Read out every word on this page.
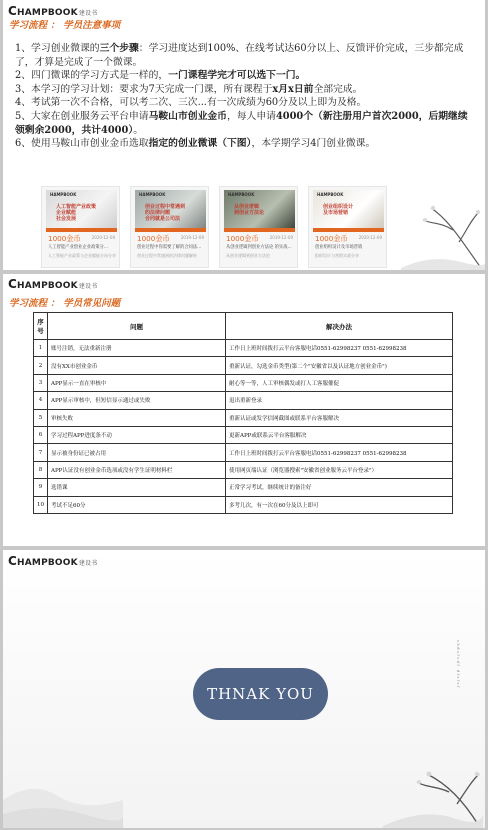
CHAMPBOOK建设书
学习流程 ： 学员注意事项

1、学习创业微课的三个步骤：学习进度达到100%、在线考试达60分以上、反馈评价完成，三步都完成了，才算是完成了一个微课。

2、四门微课的学习方式是一样的，一门课程学完才可以选下一门。

3、本学习的学习计划：要求为7天完成一门课，所有课程于x月x日前全部完成。

4、考试第一次不合格，可以考二次、三次...有一次成绩为60分及以上即为及格。

5、大家在创业服务云平台申请马鞍山市创业金币，每人申请4000个（新注册用户首次2000，后期继续领剩余2000，共计4000）。

6、使用马鞍山市创业金币选取指定的创业微课（下图），本学期学习4门创业微课。

HAMPBOOK
人工智能产业政策
企业赋能
社会发展
1000金币	2020-12-09
人工智能产业创业企业政策分...
人工智能产业政策与企业赋能方向分享
HAMPBOOK
创业过程中常遇到
的法律问题
合同就是公司法
1000金币	2019-12-09
创业过程中你需要了解的合同法...
创业过程中常遇到的法律问题解析
HAMPBOOK
从创业逻辑
到创业方法论
1000金币	2019-12-09
从创业逻辑到创业方法论 的实战...
从创业逻辑到创业方法论
HAMPBOOK
创业组织设计
及市场营销
1000金币	2020-12-09
创业组织设计及市场营销
组织设计与营销实战分享
CHAMPBOOK建设书
学习流程 ： 学员常见问题
序号	问题	解决办法
1	账号注销，无法重新注册	工作日上班时间拨打云平台客服电话0551-62998237 0551-62998238
2	没有XX市创业金币	重新认证，勾选金币类型(第二个"安徽省以及认证地方创业金币")
3	APP显示一直在审核中	耐心等一等，人工审核偶发或打人工客服催促
4	APP显示审核中，但短信显示通过或失败	退出重新登录
5	审核失败	重新认证或发学信网截图或联系平台客服解决
6	学习过程APP进度条不动	更新APP或联系云平台客服解决
7	显示被身份证已被占用	工作日上班时间拨打云平台客服电话0551-62998237 0551-62998238
8	APP认证没有创业金币选项或没有学生证明材料栏	使用网页端认证（浏览器搜索"安徽省创业服务云平台登录"）
9	选错课	正常学习考试，继续统计的备注好
10	考试不足60分	多考几次，有一次在60分及以上即可
CHAMPBOOK建设书
THNAK YOU
sbdsfsdf dfsfsf
